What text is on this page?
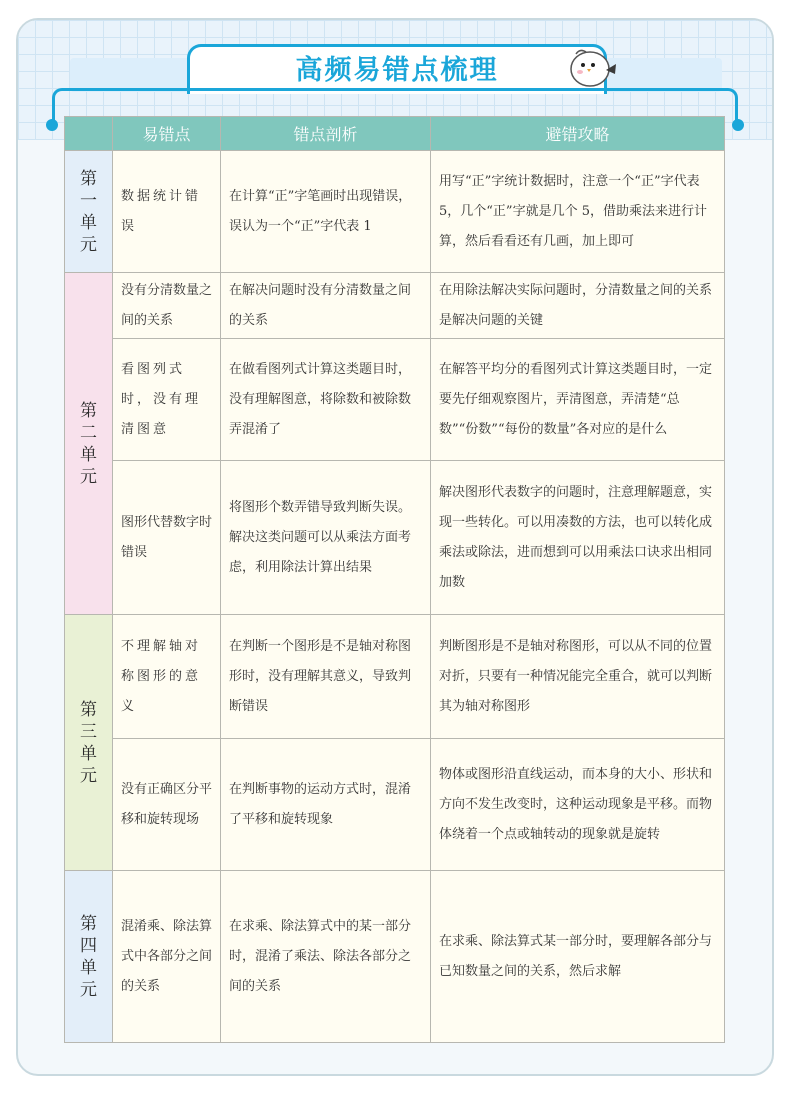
高频易错点梳理
	易错点	错点剖析	避错攻略

第
一
单
元	数据统计错误	在计算“正”字笔画时出现错误，误认为一个“正”字代表 1	用写“正”字统计数据时，注意一个“正”字代表 5，几个“正”字就是几个 5，借助乘法来进行计算，然后看看还有几画，加上即可

第
二
单
元	没有分清数量之间的关系	在解决问题时没有分清数量之间的关系	在用除法解决实际问题时，分清数量之间的关系是解决问题的关键
	看图列式时，没有理清图意	在做看图列式计算这类题目时，没有理解图意，将除数和被除数弄混淆了	在解答平均分的看图列式计算这类题目时，一定要先仔细观察图片，弄清图意，弄清楚“总数”“份数”“每份的数量”各对应的是什么
	图形代替数字时错误	将图形个数弄错导致判断失误。解决这类问题可以从乘法方面考虑，利用除法计算出结果	解决图形代表数字的问题时，注意理解题意，实现一些转化。可以用凑数的方法，也可以转化成乘法或除法，进而想到可以用乘法口诀求出相同加数

第
三
单
元	不理解轴对称图形的意义	在判断一个图形是不是轴对称图形时，没有理解其意义，导致判断错误	判断图形是不是轴对称图形，可以从不同的位置对折，只要有一种情况能完全重合，就可以判断其为轴对称图形
	没有正确区分平移和旋转现场	在判断事物的运动方式时，混淆了平移和旋转现象	物体或图形沿直线运动，而本身的大小、形状和方向不发生改变时，这种运动现象是平移。而物体绕着一个点或轴转动的现象就是旋转

第
四
单
元	混淆乘、除法算式中各部分之间的关系	在求乘、除法算式中的某一部分时，混淆了乘法、除法各部分之间的关系	在求乘、除法算式某一部分时，要理解各部分与已知数量之间的关系，然后求解
